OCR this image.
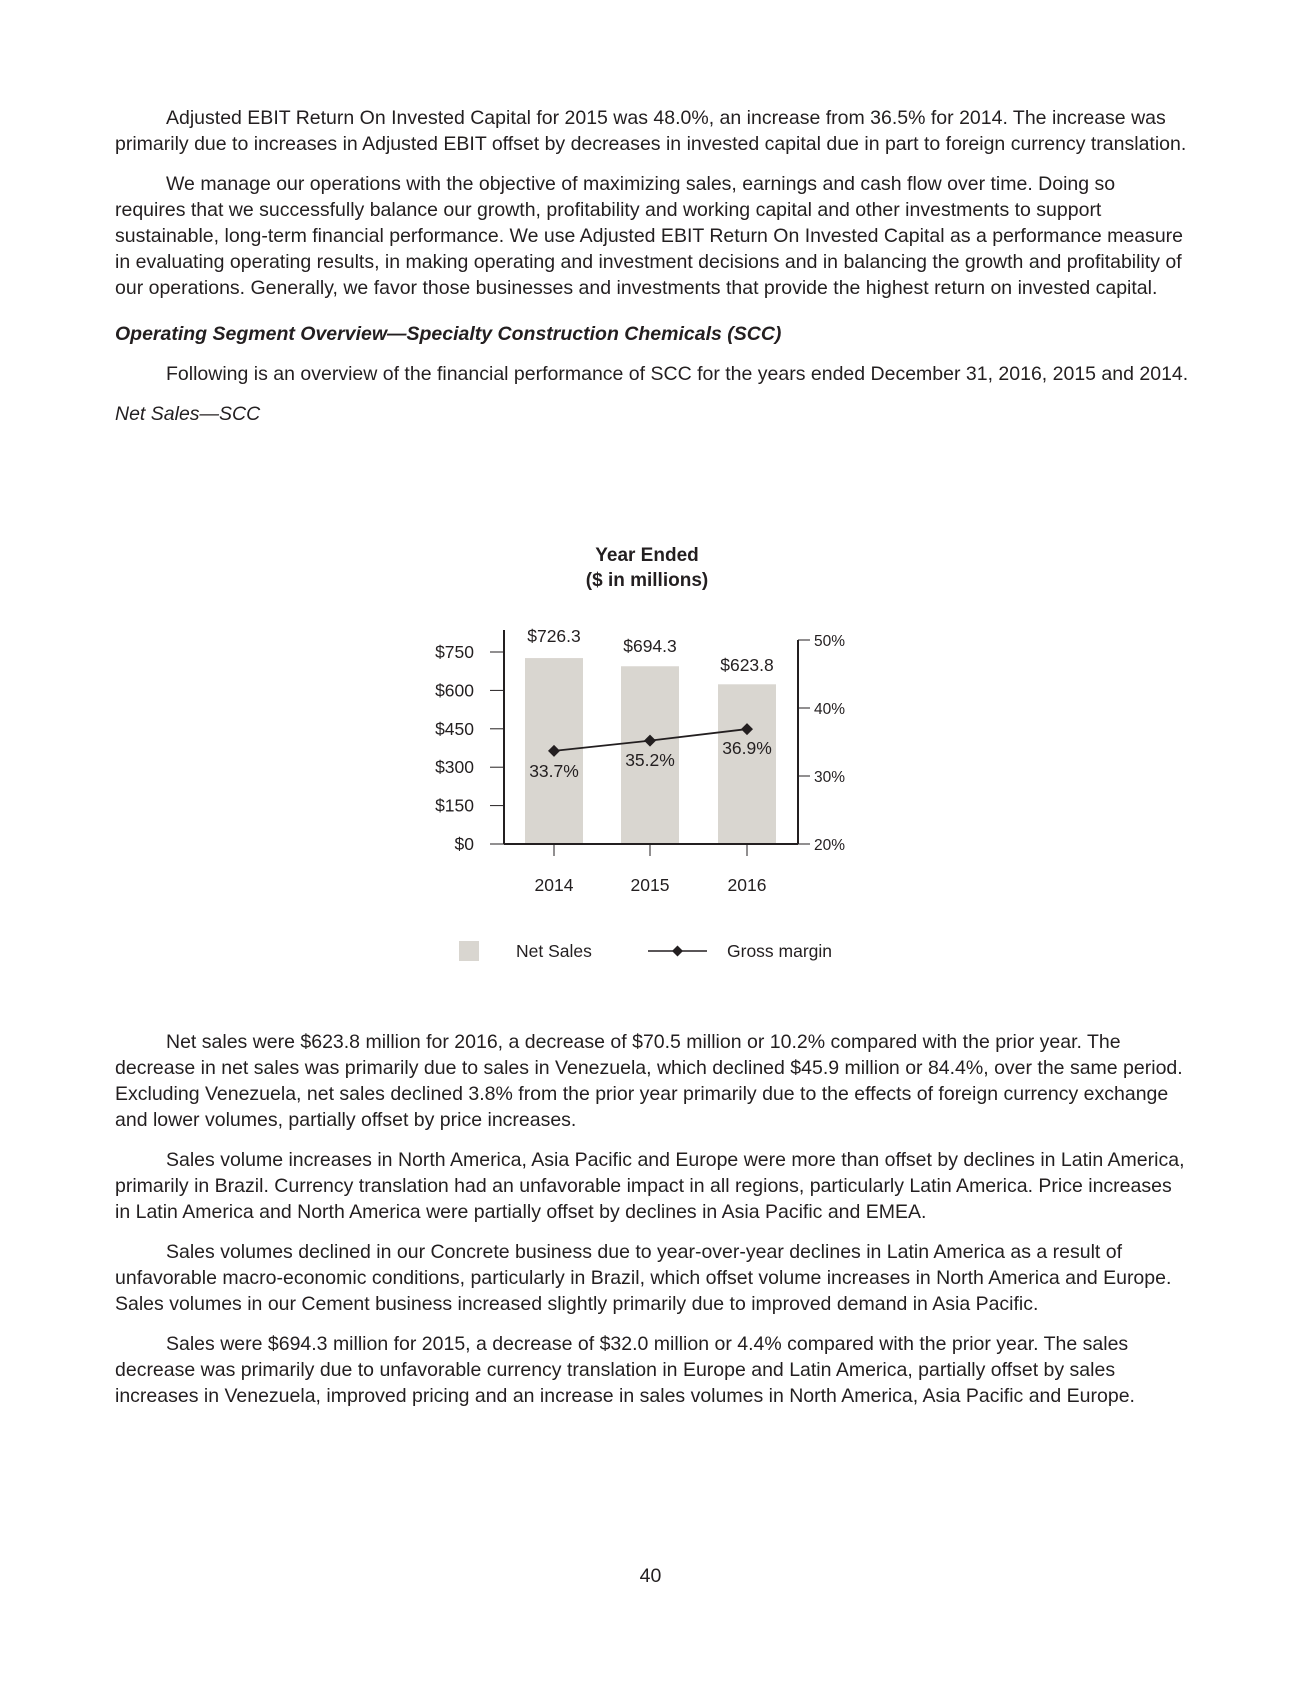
Adjusted EBIT Return On Invested Capital for 2015 was 48.0%, an increase from 36.5% for 2014. The increase was primarily due to increases in Adjusted EBIT offset by decreases in invested capital due in part to foreign currency translation.

We manage our operations with the objective of maximizing sales, earnings and cash flow over time. Doing so requires that we successfully balance our growth, profitability and working capital and other investments to support sustainable, long-term financial performance. We use Adjusted EBIT Return On Invested Capital as a performance measure in evaluating operating results, in making operating and investment decisions and in balancing the growth and profitability of our operations. Generally, we favor those businesses and investments that provide the highest return on invested capital.

Operating Segment Overview—Specialty Construction Chemicals (SCC)

Following is an overview of the financial performance of SCC for the years ended December 31, 2016, 2015 and 2014.

Net Sales—SCC

Year Ended
($ in millions)
$0
$150
$300
$450
$600
$750
20%
30%
40%
50%
2014	2015	2016
$726.3 $694.3
$623.8
33.7%
35.2%
36.9%
Net Sales	Gross margin

Net sales were $623.8 million for 2016, a decrease of $70.5 million or 10.2% compared with the prior year. The decrease in net sales was primarily due to sales in Venezuela, which declined $45.9 million or 84.4%, over the same period. Excluding Venezuela, net sales declined 3.8% from the prior year primarily due to the effects of foreign currency exchange and lower volumes, partially offset by price increases.

Sales volume increases in North America, Asia Pacific and Europe were more than offset by declines in Latin America, primarily in Brazil. Currency translation had an unfavorable impact in all regions, particularly Latin America. Price increases in Latin America and North America were partially offset by declines in Asia Pacific and EMEA.

Sales volumes declined in our Concrete business due to year-over-year declines in Latin America as a result of unfavorable macro-economic conditions, particularly in Brazil, which offset volume increases in North America and Europe. Sales volumes in our Cement business increased slightly primarily due to improved demand in Asia Pacific.

Sales were $694.3 million for 2015, a decrease of $32.0 million or 4.4% compared with the prior year. The sales decrease was primarily due to unfavorable currency translation in Europe and Latin America, partially offset by sales increases in Venezuela, improved pricing and an increase in sales volumes in North America, Asia Pacific and Europe.

40
